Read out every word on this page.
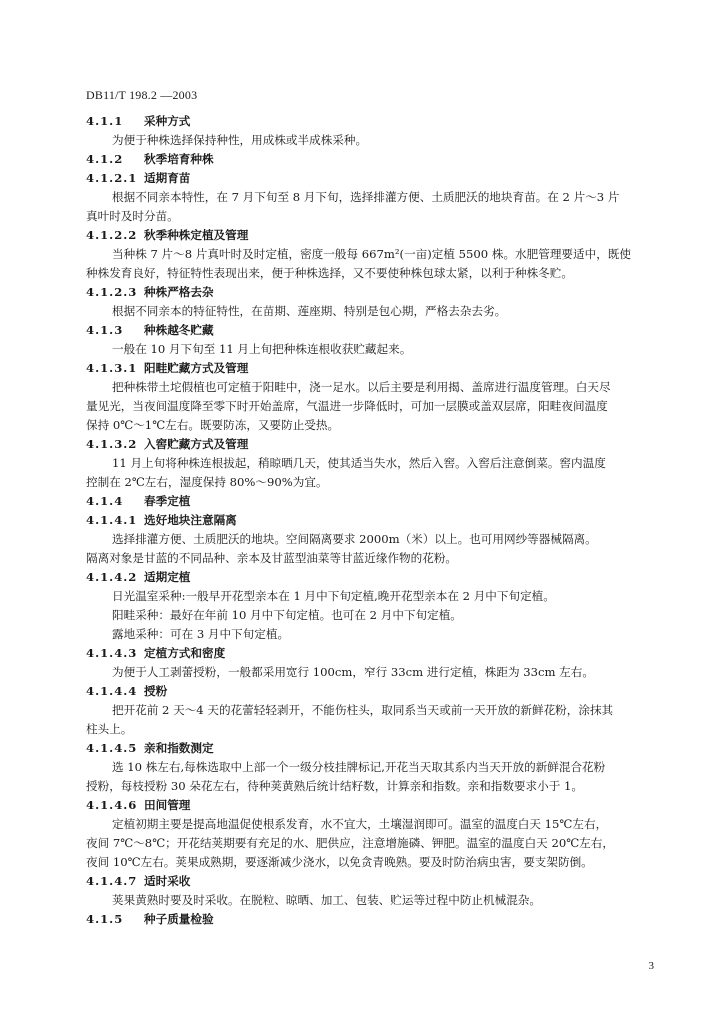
DB11/T 198.2 —2003
4.1.1 采种方式
为便于种株选择保持种性，用成株或半成株采种。
4.1.2 秋季培育种株
4.1.2.1 适期育苗
根据不同亲本特性，在 7 月下旬至 8 月下旬，选择排灌方便、土质肥沃的地块育苗。在 2 片～3 片
真叶时及时分苗。
4.1.2.2 秋季种株定植及管理
当种株 7 片～8 片真叶时及时定植，密度一般每 667m²(一亩)定植 5500 株。水肥管理要适中，既使
种株发育良好，特征特性表现出来，便于种株选择，又不要使种株包球太紧，以利于种株冬贮。
4.1.2.3 种株严格去杂
根据不同亲本的特征特性，在苗期、莲座期、特别是包心期，严格去杂去劣。
4.1.3 种株越冬贮藏
一般在 10 月下旬至 11 月上旬把种株连根收获贮藏起来。
4.1.3.1 阳畦贮藏方式及管理
把种株带土坨假植也可定植于阳畦中，浇一足水。以后主要是利用揭、盖席进行温度管理。白天尽
量见光，当夜间温度降至零下时开始盖席，气温进一步降低时，可加一层膜或盖双层席，阳畦夜间温度
保持 0℃～1℃左右。既要防冻，又要防止受热。
4.1.3.2 入窖贮藏方式及管理
11 月上旬将种株连根拔起，稍晾晒几天，使其适当失水，然后入窖。入窖后注意倒菜。窖内温度
控制在 2℃左右，湿度保持 80%～90%为宜。
4.1.4 春季定植
4.1.4.1 选好地块注意隔离
选择排灌方便、土质肥沃的地块。空间隔离要求 2000m（米）以上。也可用网纱等器械隔离。
隔离对象是甘蓝的不同品种、亲本及甘蓝型油菜等甘蓝近缘作物的花粉。
4.1.4.2 适期定植
日光温室采种:一般早开花型亲本在 1 月中下旬定植,晚开花型亲本在 2 月中下旬定植。
阳畦采种：最好在年前 10 月中下旬定植。也可在 2 月中下旬定植。
露地采种：可在 3 月中下旬定植。
4.1.4.3 定植方式和密度
为便于人工剥蕾授粉，一般都采用宽行 100cm，窄行 33cm 进行定植，株距为 33cm 左右。
4.1.4.4 授粉
把开花前 2 天～4 天的花蕾轻轻剥开，不能伤柱头，取同系当天或前一天开放的新鲜花粉，涂抹其
柱头上。
4.1.4.5 亲和指数测定
选 10 株左右,每株选取中上部一个一级分枝挂牌标记,开花当天取其系内当天开放的新鲜混合花粉
授粉，每枝授粉 30 朵花左右，待种荚黄熟后统计结籽数，计算亲和指数。亲和指数要求小于 1。
4.1.4.6 田间管理
定植初期主要是提高地温促使根系发育，水不宜大，土壤湿润即可。温室的温度白天 15℃左右，
夜间 7℃～8℃；开花结荚期要有充足的水、肥供应，注意增施磷、钾肥。温室的温度白天 20℃左右，
夜间 10℃左右。荚果成熟期，要逐渐减少浇水，以免贪青晚熟。要及时防治病虫害，要支架防倒。
4.1.4.7 适时采收
荚果黄熟时要及时采收。在脱粒、晾晒、加工、包装、贮运等过程中防止机械混杂。
4.1.5 种子质量检验
3
